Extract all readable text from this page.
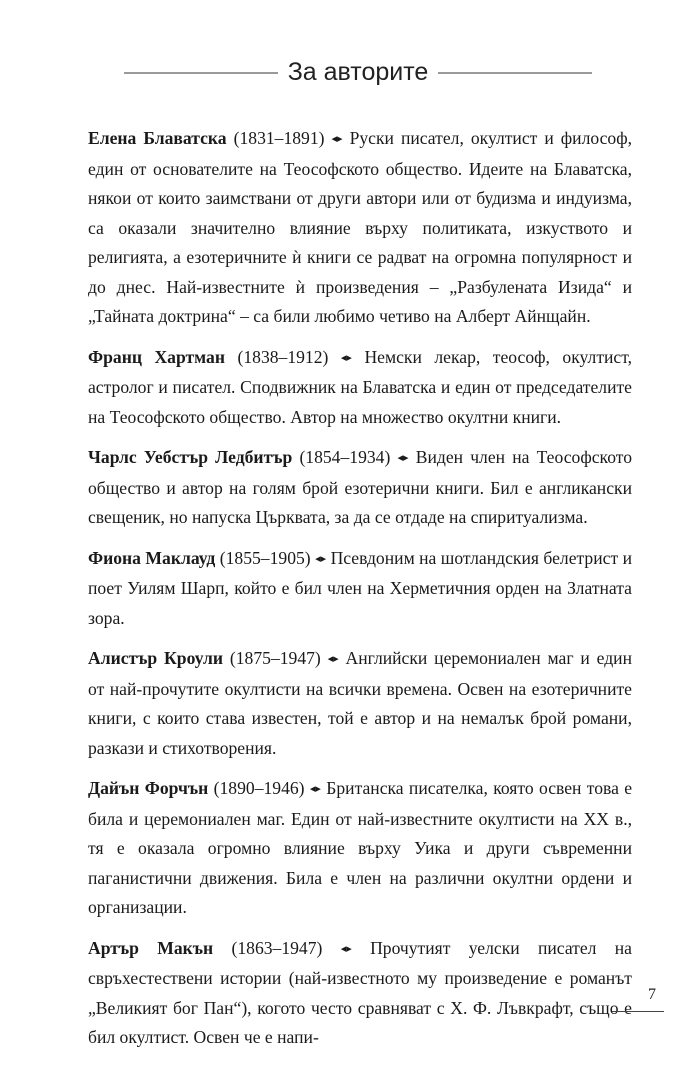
За авторите

Елена Блаватска (1831–1891) ◂▸ Руски писател, окултист и философ, един от основателите на Теософското общество. Идеите на Блаватска, някои от които заимствани от други автори или от будизма и индуизма, са оказали значително влияние върху политиката, изкуството и религията, а езотеричните ѝ книги се радват на огромна популярност и до днес. Най-известните ѝ произведения – „Разбулената Изида“ и „Тайната доктрина“ – са били любимо четиво на Алберт Айнщайн.

Франц Хартман (1838–1912) ◂▸ Немски лекар, теософ, окултист, астролог и писател. Сподвижник на Блаватска и един от председателите на Теософското общество. Автор на множество окултни книги.

Чарлс Уебстър Ледбитър (1854–1934) ◂▸ Виден член на Теософското общество и автор на голям брой езотерични книги. Бил е англикански свещеник, но напуска Църквата, за да се отдаде на спиритуализма.

Фиона Маклауд (1855–1905) ◂▸ Псевдоним на шотландския белетрист и поет Уилям Шарп, който е бил член на Херметичния орден на Златната зора.

Алистър Кроули (1875–1947) ◂▸ Английски церемониален маг и един от най-прочутите окултисти на всички времена. Освен на езотеричните книги, с които става известен, той е автор и на немалък брой романи, разкази и стихотворения.

Дайън Форчън (1890–1946) ◂▸ Британска писателка, която освен това е била и церемониален маг. Един от най-известните окултисти на XX в., тя е оказала огромно влияние върху Уика и други съвременни паганистични движения. Била е член на различни окултни ордени и организации.

Артър Макън (1863–1947) ◂▸ Прочутият уелски писател на свръхестествени истории (най-известното му произведение е романът „Великият бог Пан“), когото често сравняват с Х. Ф. Лъвкрафт, също е бил окултист. Освен че е напи-

7
